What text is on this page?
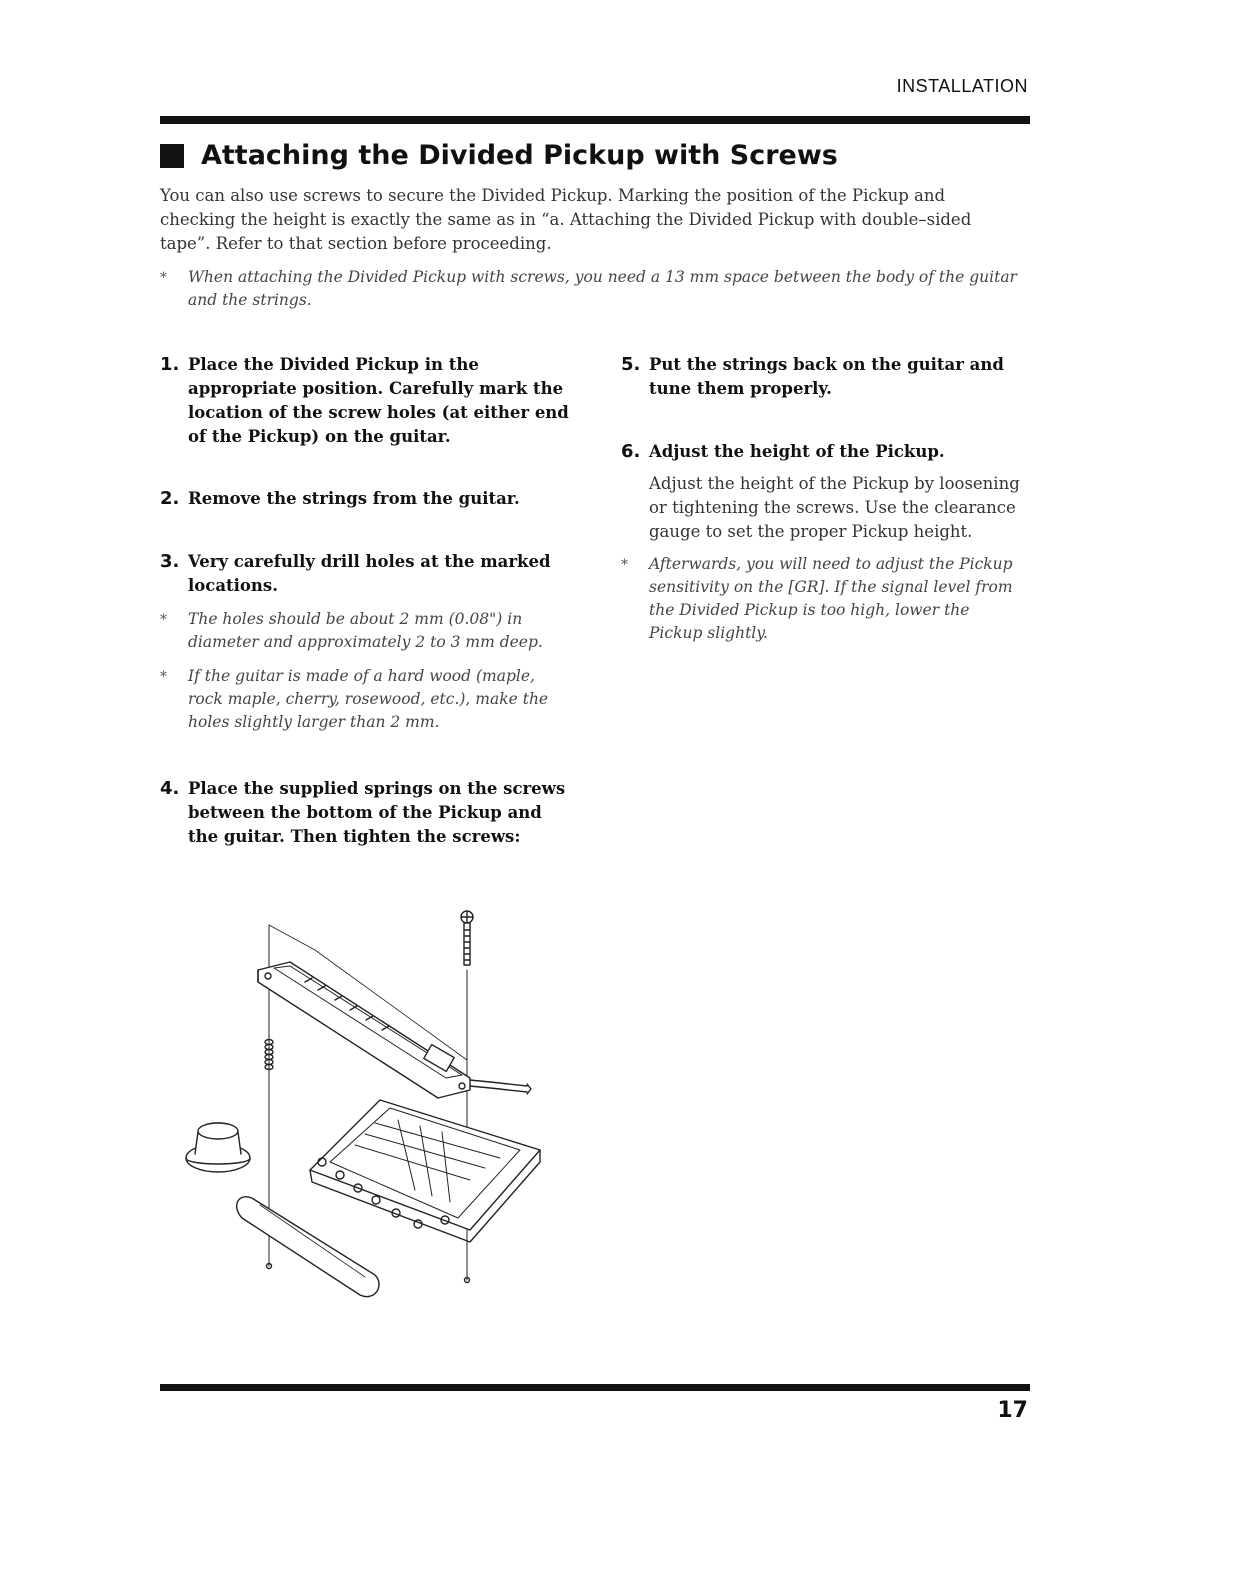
INSTALLATION
Attaching the Divided Pickup with Screws

You can also use screws to secure the Divided Pickup. Marking the position of the Pickup and checking the height is exactly the same as in “a. Attaching the Divided Pickup with double–sided tape”. Refer to that section before proceeding.

*	When attaching the Divided Pickup with screws, you need a 13 mm space between the body of the guitar and the strings.
1. Place the Divided Pickup in the appropriate position. Carefully mark the location of the screw holes (at either end of the Pickup) on the guitar.
2. Remove the strings from the guitar.
3. Very carefully drill holes at the marked locations.
*	The holes should be about 2 mm (0.08") in diameter and approximately 2 to 3 mm deep.
*	If the guitar is made of a hard wood (maple, rock maple, cherry, rosewood, etc.), make the holes slightly larger than 2 mm.
4. Place the supplied springs on the screws between the bottom of the Pickup and the guitar. Then tighten the screws:
5. Put the strings back on the guitar and tune them properly.
6. Adjust the height of the Pickup.

Adjust the height of the Pickup by loosening or tightening the screws. Use the clearance gauge to set the proper Pickup height.

*	Afterwards, you will need to adjust the Pickup sensitivity on the [GR]. If the signal level from the Divided Pickup is too high, lower the Pickup slightly.
17
